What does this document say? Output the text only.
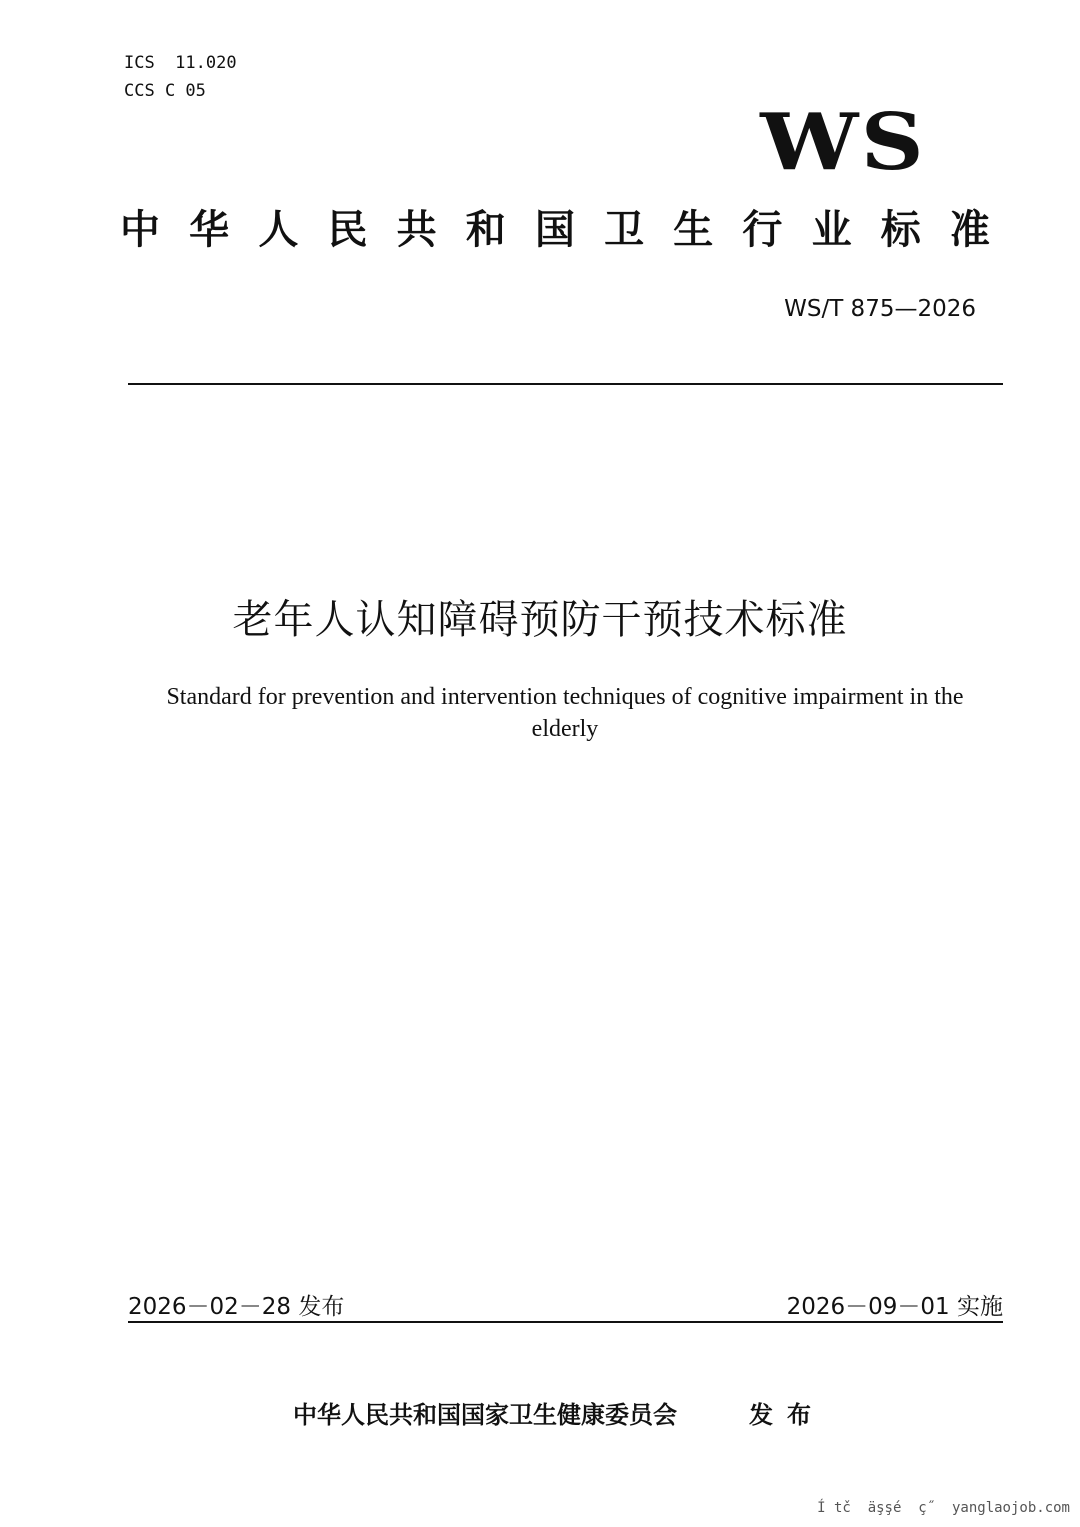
ICS  11.020
CCS C 05
WS
中 华 人 民 共 和 国 卫 生 行 业 标 准
WS/T 875—2026
老年人认知障碍预防干预技术标准
Standard for prevention and intervention techniques of cognitive impairment in the elderly
2026－02－28 发布	2026－09－01 实施
中华人民共和国国家卫生健康委员会	发布
Í tč  äşşé  ç˝  yanglaojob.com
